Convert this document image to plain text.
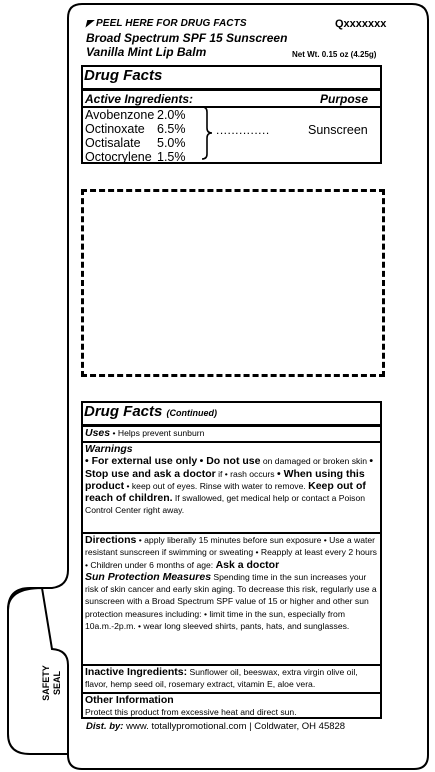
◤ PEEL HERE FOR DRUG FACTS	Qxxxxxxx
Broad Spectrum SPF 15 Sunscreen
Vanilla Mint Lip Balm	Net Wt. 0.15 oz (4.25g)
Drug Facts
Active Ingredients:	Purpose
Avobenzone 2.0%
Octinoxate 6.5%
Octisalate 5.0%
Octocrylene 1.5%
..............	Sunscreen
Drug Facts (Continued)
Uses • Helps prevent sunburn
Warnings
• For external use only • Do not use on damaged or broken skin • Stop use and ask a doctor if • rash occurs • When using this product • keep out of eyes. Rinse with water to remove. Keep out of reach of children. If swallowed, get medical help or contact a Poison Control Center right away.
Directions • apply liberally 15 minutes before sun exposure • Use a water resistant sunscreen if swimming or sweating • Reapply at least every 2 hours • Children under 6 months of age: Ask a doctor
Sun Protection Measures Spending time in the sun increases your risk of skin cancer and early skin aging. To decrease this risk, regularly use a sunscreen with a Broad Spectrum SPF value of 15 or higher and other sun protection measures including: • limit time in the sun, especially from 10a.m.-2p.m. • wear long sleeved shirts, pants, hats, and sunglasses.
Inactive Ingredients: Sunflower oil, beeswax, extra virgin olive oil, flavor, hemp seed oil, rosemary extract, vitamin E, aloe vera.
Other Information
Protect this product from excessive heat and direct sun.
Dist. by: www. totallypromotional.com | Coldwater, OH 45828
SAFETY SEAL
